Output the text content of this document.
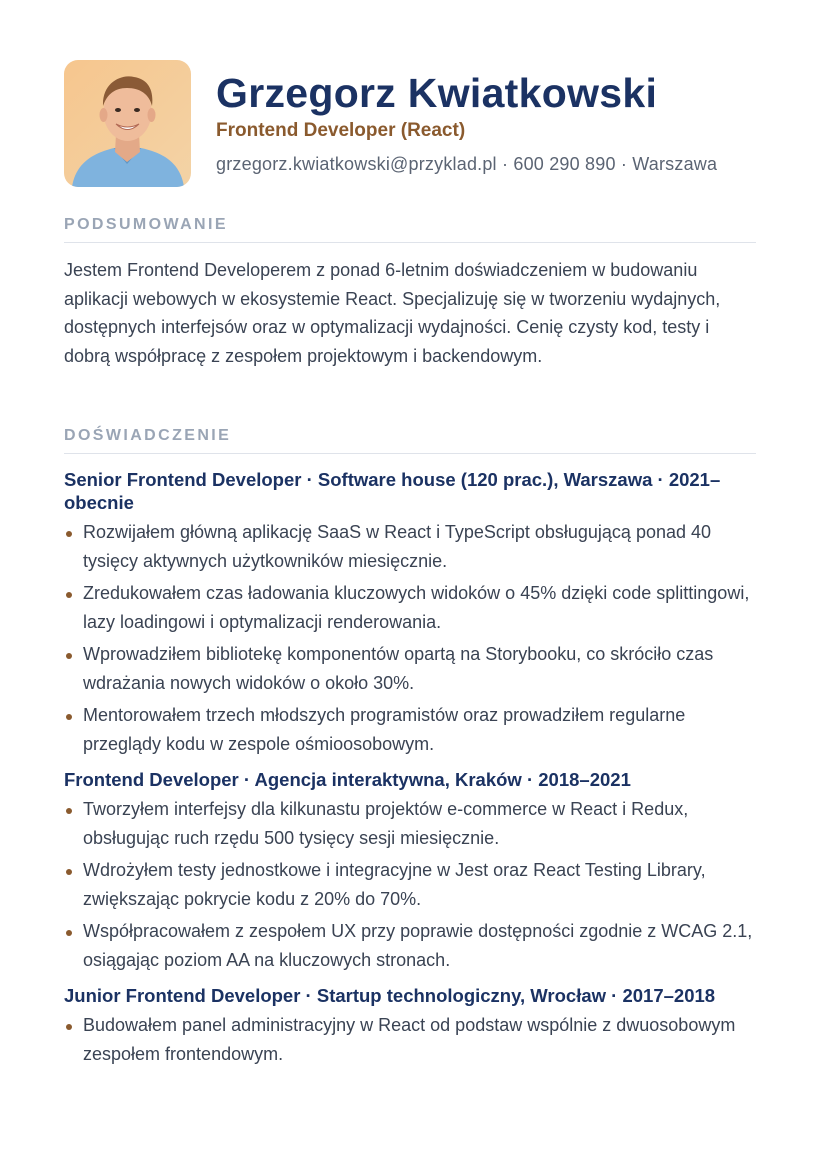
Grzegorz Kwiatkowski
Frontend Developer (React)
grzegorz.kwiatkowski@przyklad.pl · 600 290 890 · Warszawa
PODSUMOWANIE

Jestem Frontend Developerem z ponad 6-letnim doświadczeniem w budowaniu aplikacji webowych w ekosystemie React. Specjalizuję się w tworzeniu wydajnych, dostępnych interfejsów oraz w optymalizacji wydajności. Cenię czysty kod, testy i dobrą współpracę z zespołem projektowym i backendowym.

DOŚWIADCZENIE
Senior Frontend Developer · Software house (120 prac.), Warszawa · 2021–obecnie
Rozwijałem główną aplikację SaaS w React i TypeScript obsługującą ponad 40 tysięcy aktywnych użytkowników miesięcznie.
Zredukowałem czas ładowania kluczowych widoków o 45% dzięki code splittingowi, lazy loadingowi i optymalizacji renderowania.
Wprowadziłem bibliotekę komponentów opartą na Storybooku, co skróciło czas wdrażania nowych widoków o około 30%.
Mentorowałem trzech młodszych programistów oraz prowadziłem regularne przeglądy kodu w zespole ośmioosobowym.
Frontend Developer · Agencja interaktywna, Kraków · 2018–2021
Tworzyłem interfejsy dla kilkunastu projektów e-commerce w React i Redux, obsługując ruch rzędu 500 tysięcy sesji miesięcznie.
Wdrożyłem testy jednostkowe i integracyjne w Jest oraz React Testing Library, zwiększając pokrycie kodu z 20% do 70%.
Współpracowałem z zespołem UX przy poprawie dostępności zgodnie z WCAG 2.1, osiągając poziom AA na kluczowych stronach.
Junior Frontend Developer · Startup technologiczny, Wrocław · 2017–2018
Budowałem panel administracyjny w React od podstaw wspólnie z dwuosobowym zespołem frontendowym.
